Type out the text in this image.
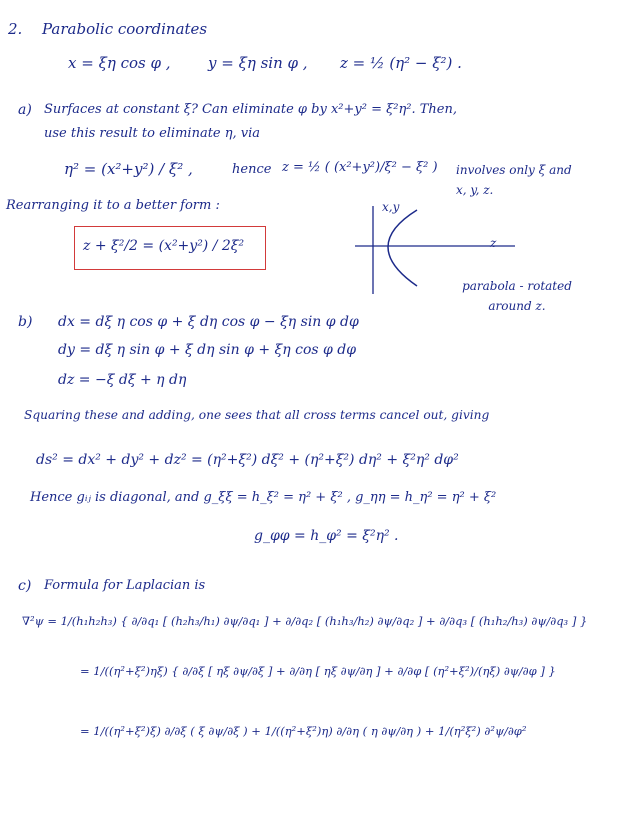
2. Parabolic coordinates
x = ξη cos φ , y = ξη sin φ , z = ½ (η² − ξ²) .
a) Surfaces at constant ξ? Can eliminate φ by x²+y² = ξ²η². Then,
use this result to eliminate η, via
η² = (x²+y²) / ξ² ,	hence z = ½ ( (x²+y²)/ξ² − ξ² ) involves only ξ and x, y, z.
Rearranging it to a better form :
z + ξ²/2 = (x²+y²) / 2ξ²
x,y
z
parabola - rotated around z.
b) dx = dξ η cos φ + ξ dη cos φ − ξη sin φ dφ
dy = dξ η sin φ + ξ dη sin φ + ξη cos φ dφ
dz = −ξ dξ + η dη
Squaring these and adding, one sees that all cross terms cancel out, giving
ds² = dx² + dy² + dz² = (η²+ξ²) dξ² + (η²+ξ²) dη² + ξ²η² dφ²
Hence gᵢⱼ is diagonal, and g_ξξ = h_ξ² = η² + ξ² , g_ηη = h_η² = η² + ξ²
g_φφ = h_φ² = ξ²η² .
c) Formula for Laplacian is
∇²ψ = 1/(h₁h₂h₃) { ∂/∂q₁ [ (h₂h₃/h₁) ∂ψ/∂q₁ ] + ∂/∂q₂ [ (h₁h₃/h₂) ∂ψ/∂q₂ ] + ∂/∂q₃ [ (h₁h₂/h₃) ∂ψ/∂q₃ ] }
= 1/((η²+ξ²)ηξ) { ∂/∂ξ [ ηξ ∂ψ/∂ξ ] + ∂/∂η [ ηξ ∂ψ/∂η ] + ∂/∂φ [ (η²+ξ²)/(ηξ) ∂ψ/∂φ ] }
= 1/((η²+ξ²)ξ) ∂/∂ξ ( ξ ∂ψ/∂ξ ) + 1/((η²+ξ²)η) ∂/∂η ( η ∂ψ/∂η ) + 1/(η²ξ²) ∂²ψ/∂φ²
